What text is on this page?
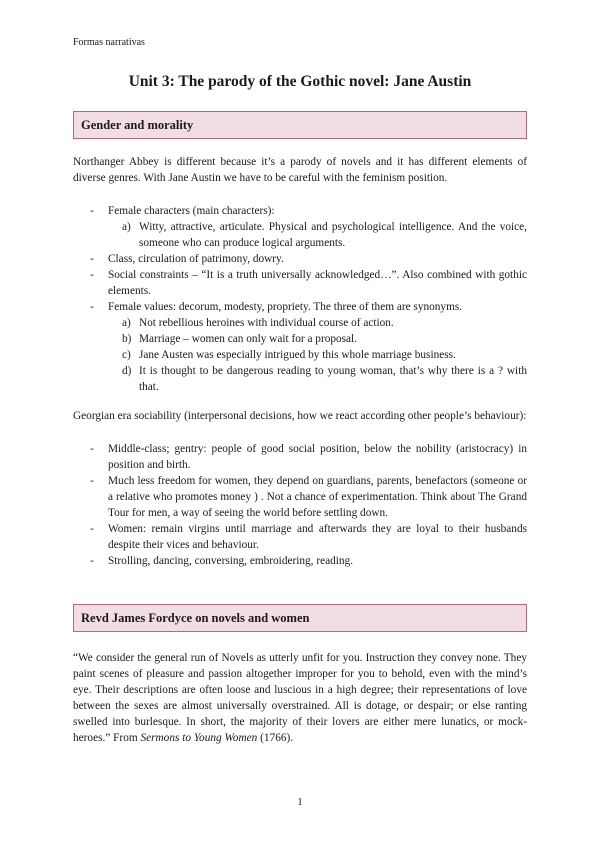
Formas narrativas
Unit 3: The parody of the Gothic novel: Jane Austin
Gender and morality

Northanger Abbey is different because it’s a parody of novels and it has different elements of diverse genres. With Jane Austin we have to be careful with the feminism position.

- Female characters (main characters):
a) Witty, attractive, articulate. Physical and psychological intelligence. And the voice, someone who can produce logical arguments.
- Class, circulation of patrimony, dowry.
- Social constraints – “It is a truth universally acknowledged…”. Also combined with gothic elements.
- Female values: decorum, modesty, propriety. The three of them are synonyms.
a) Not rebellious heroines with individual course of action.
b) Marriage – women can only wait for a proposal.
c) Jane Austen was especially intrigued by this whole marriage business.
d) It is thought to be dangerous reading to young woman, that’s why there is a ? with that.

Georgian era sociability (interpersonal decisions, how we react according other people’s behaviour):

- Middle-class; gentry: people of good social position, below the nobility (aristocracy) in position and birth.
- Much less freedom for women, they depend on guardians, parents, benefactors (someone or a relative who promotes money ) . Not a chance of experimentation. Think about The Grand Tour for men, a way of seeing the world before settling down.
- Women: remain virgins until marriage and afterwards they are loyal to their husbands despite their vices and behaviour.
- Strolling, dancing, conversing, embroidering, reading.
Revd James Fordyce on novels and women

“We consider the general run of Novels as utterly unfit for you. Instruction they convey none. They paint scenes of pleasure and passion altogether improper for you to behold, even with the mind’s eye. Their descriptions are often loose and luscious in a high degree; their representations of love between the sexes are almost universally overstrained. All is dotage, or despair; or else ranting swelled into burlesque. In short, the majority of their lovers are either mere lunatics, or mock-heroes.” From Sermons to Young Women (1766).

1
